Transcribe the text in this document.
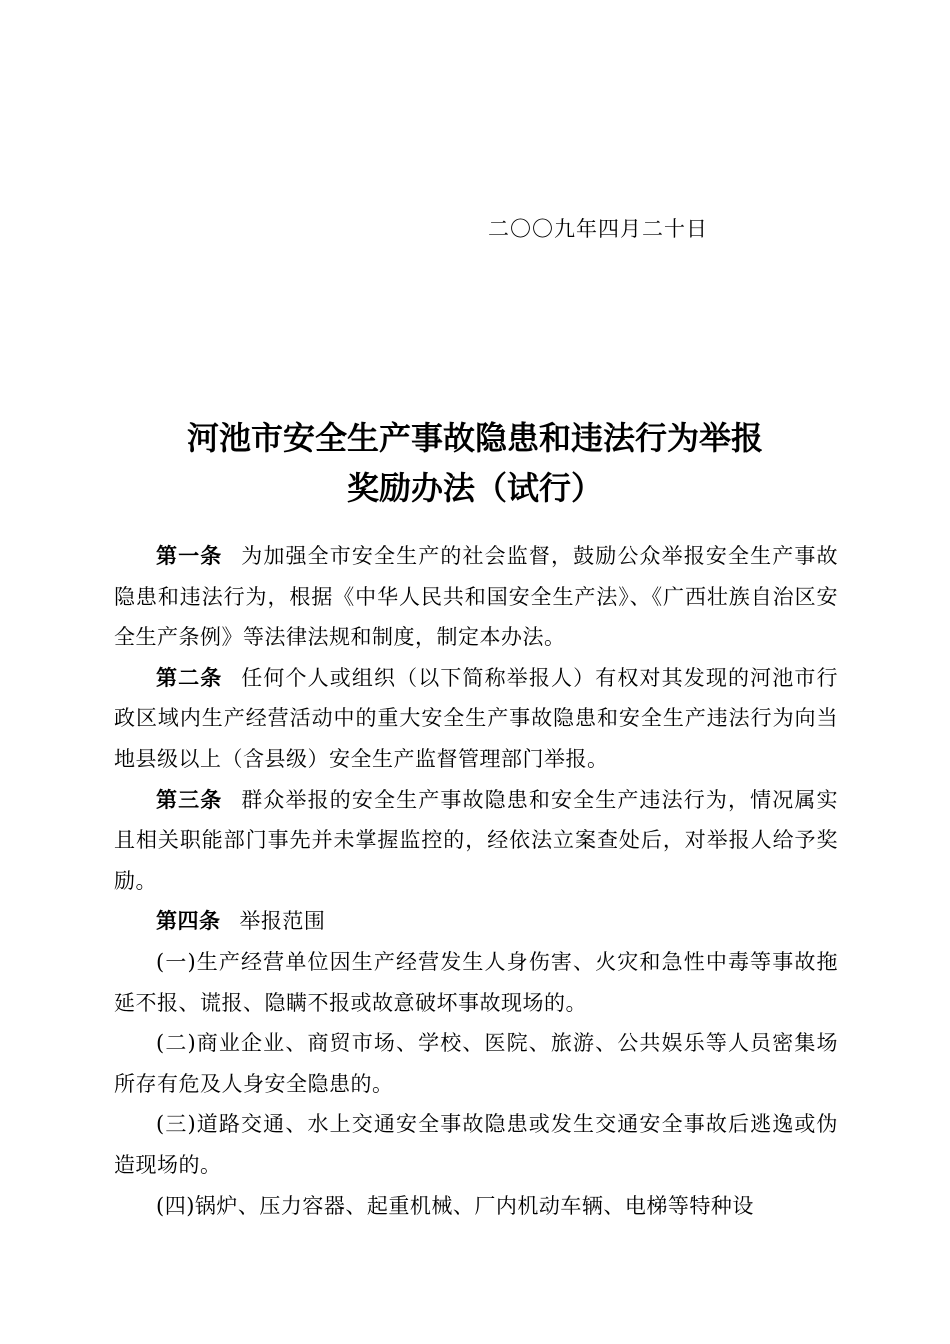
二〇〇九年四月二十日
河池市安全生产事故隐患和违法行为举报
奖励办法（试行）

第一条 为加强全市安全生产的社会监督，鼓励公众举报安全生产事故隐患和违法行为，根据《中华人民共和国安全生产法》、《广西壮族自治区安全生产条例》等法律法规和制度，制定本办法。

第二条 任何个人或组织（以下简称举报人）有权对其发现的河池市行政区域内生产经营活动中的重大安全生产事故隐患和安全生产违法行为向当地县级以上（含县级）安全生产监督管理部门举报。

第三条 群众举报的安全生产事故隐患和安全生产违法行为，情况属实且相关职能部门事先并未掌握监控的，经依法立案查处后，对举报人给予奖励。

第四条 举报范围

(一)生产经营单位因生产经营发生人身伤害、火灾和急性中毒等事故拖延不报、谎报、隐瞒不报或故意破坏事故现场的。

(二)商业企业、商贸市场、学校、医院、旅游、公共娱乐等人员密集场所存有危及人身安全隐患的。

(三)道路交通、水上交通安全事故隐患或发生交通安全事故后逃逸或伪造现场的。

(四)锅炉、压力容器、起重机械、厂内机动车辆、电梯等特种设
